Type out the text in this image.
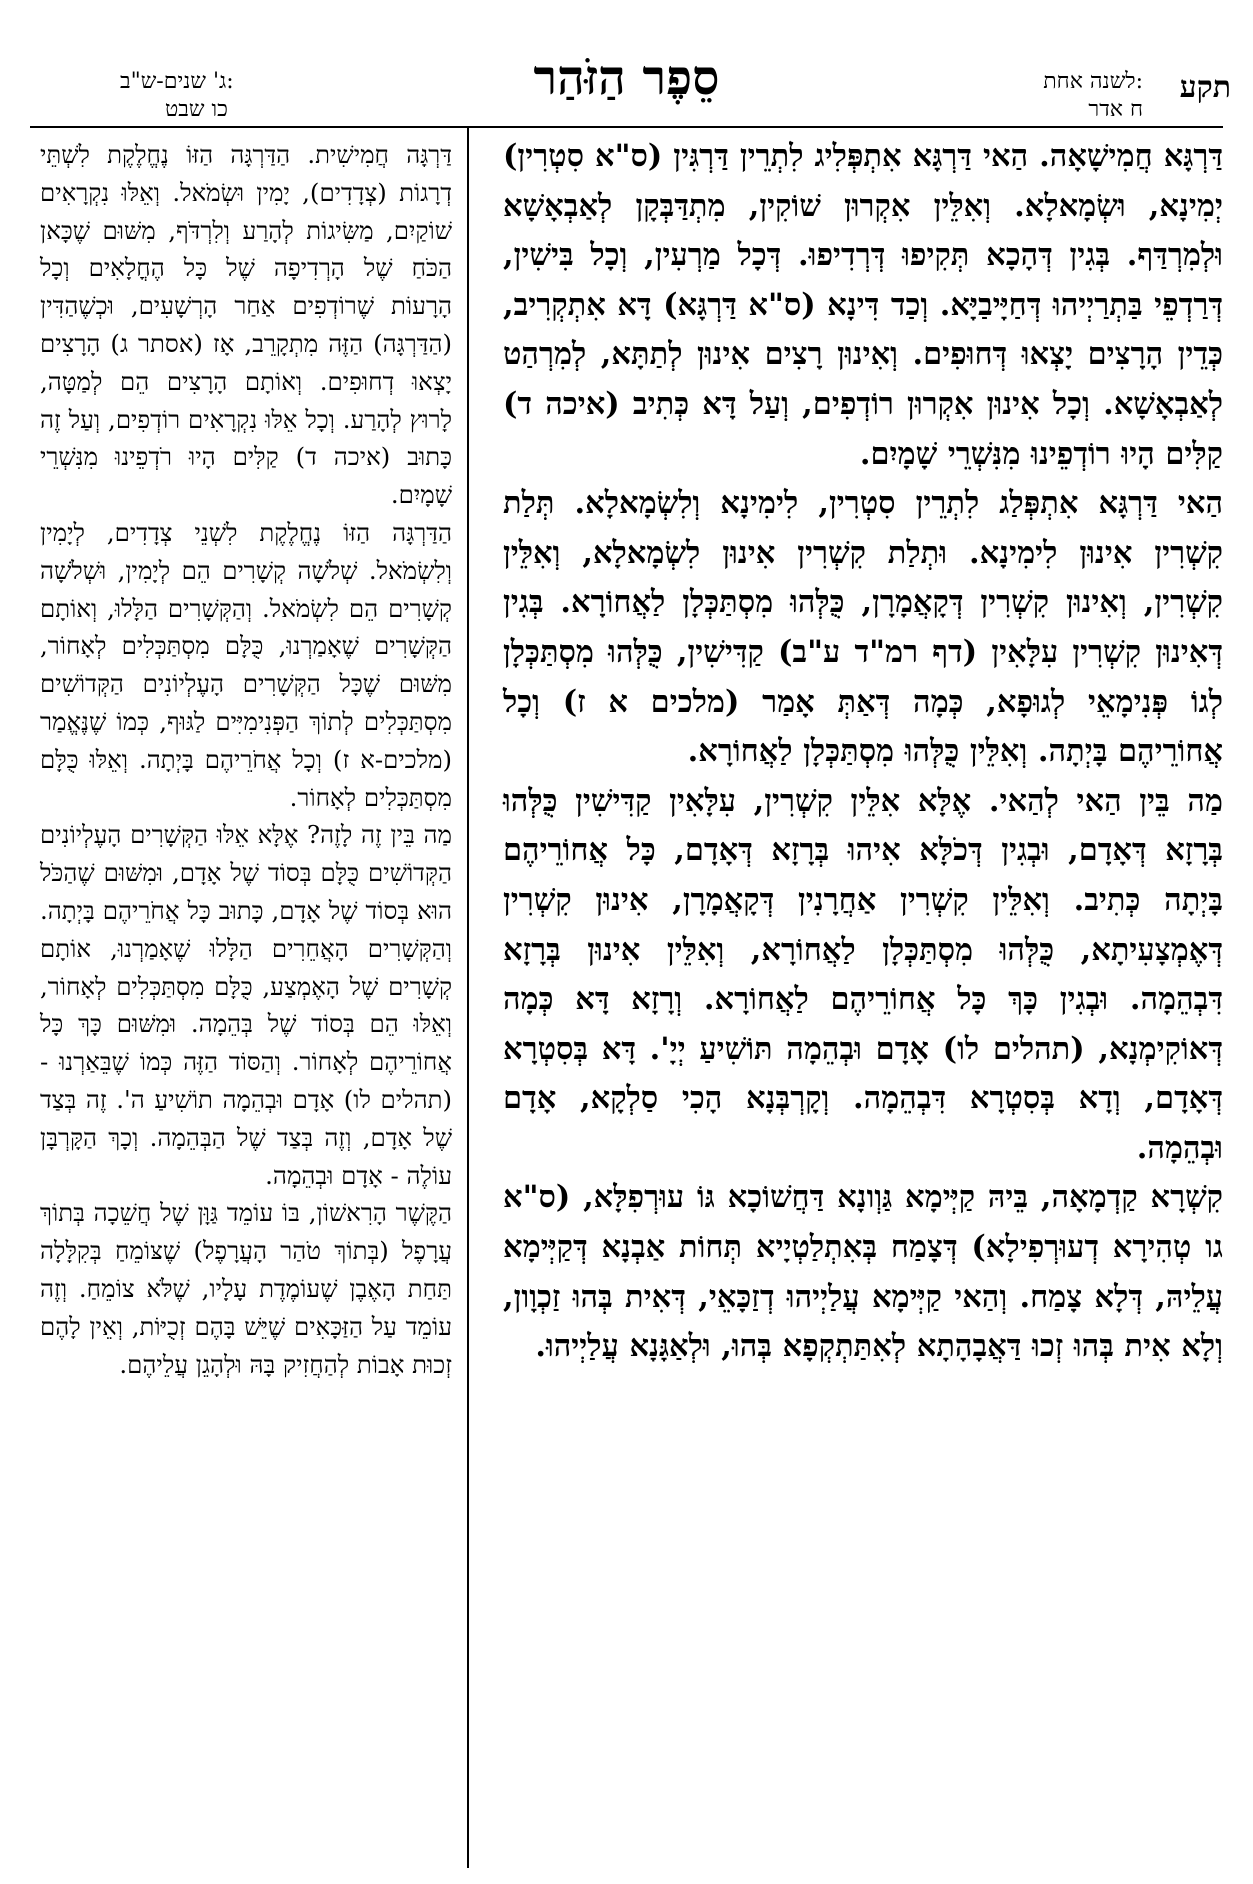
תקע
לשנה אחת:
ח אדר
סֵפֶר הַזֹּהַר
ג' שנים-ש"ב:
כו שבט

דַּרְגָּא חֲמִישָׁאָה. הַאי דַּרְגָּא אִתְפְּלִיג לִתְרֵין דַּרְגִּין (ס"א סִטְרִין) יְמִינָא, וּשְׂמָאלָא. וְאִלֵּין אִקְרוּן שׁוֹקִין, מִתְדַּבְּקָן לְאַבְאָשָׁא וּלְמִרְדַּף. בְּגִין דְּהָכָא תְּקִיפוּ דְּרְדִיפוּ. דְּכָל מַרְעִין, וְכָל בִּישִׁין, דְּרַדְפֵי בַּתְרַיְיהוּ דְּחַיָּיבַיָּא. וְכַד דִּינָא (ס"א דַּרְגָּא) דָּא אִתְקְרִיב, כְּדֵין הָרָצִים יָצְאוּ דְּחוּפִים. וְאִינוּן רָצִים אִינוּן לְתַתָּא, לְמִרְהַט לְאַבְאָשָׁא. וְכָל אִינוּן אִקְרוּן רוֹדְפִים, וְעַל דָּא כְּתִיב (איכה ד) קַלִּים הָיוּ רוֹדְפֵינוּ מִנִּשְׁרֵי שָׁמָיִם.

הַאי דַּרְגָּא אִתְפְּלַג לִתְרֵין סִטְרִין, לִימִינָא וְלִשְׂמָאלָא. תְּלַת קִשְׁרִין אִינוּן לִימִינָא. וּתְלַת קִשְׁרִין אִינוּן לִשְׂמָאלָא, וְאִלֵּין קִשְׁרִין, וְאִינוּן קִשְׁרִין דְּקָאֲמָרָן, כֻּלְּהוּ מִסְתַּכְּלָן לַאֲחוֹרָא. בְּגִין דְּאִינוּן קִשְׁרִין עִלָּאִין (דף רמ"ד ע"ב) קַדִּישִׁין, כֻּלְּהוּ מִסְתַּכְּלָן לְגוֹ פְּנִימָאֵי לְגוּפָא, כְּמָה דְּאַתְּ אָמַר (מלכים א ז) וְכָל אֲחוֹרֵיהֶם בָּיְתָה. וְאִלֵּין כֻּלְּהוּ מִסְתַּכְּלָן לַאֲחוֹרָא.

מַה בֵּין הַאי לְהַאי. אֶלָּא אִלֵּין קִשְׁרִין, עִלָּאִין קַדִּישִׁין כֻּלְּהוּ בְּרָזָא דְּאָדָם, וּבְגִין דְּכֹלָּא אִיהוּ בְּרָזָא דְּאָדָם, כָּל אֲחוֹרֵיהֶם בָּיְתָה כְּתִיב. וְאִלֵּין קִשְׁרִין אַחֲרָנִין דְּקָאֲמָרָן, אִינוּן קִשְׁרִין דְּאֶמְצָעִיתָא, כֻּלְּהוּ מִסְתַּכְּלָן לַאֲחוֹרָא, וְאִלֵּין אִינוּן בְּרָזָא דִּבְהֵמָה. וּבְגִין כָּךְ כָּל אֲחוֹרֵיהֶם לַאֲחוֹרָא. וְרָזָא דָּא כְּמָה דְּאוֹקִימְנָא, (תהלים לו) אָדָם וּבְהֵמָה תּוֹשִׁיעַ יְיָ'. דָּא בְּסִטְרָא דְּאָדָם, וְדָא בְּסִטְרָא דִּבְהֵמָה. וְקָרְבְּנָא הָכִי סַלְקָא, אָדָם וּבְהֵמָה.

קִשְׁרָא קַדְמָאָה, בֵּיהּ קַיְּימָא גַּוְונָא דַּחֲשׁוֹכָא גּוֹ עוּרְפִלָּא, (ס"א גו טְהִירָא דְעוּרְפִילָא) דְּצָמַח בְּאִתְלַטְיָיא תְּחוֹת אַבְנָא דְּקַיְּימָא עֲלֵיהּ, דְּלָא צָמַח. וְהַאי קַיְּימָא עֲלַיְיהוּ דְזַכָּאֵי, דְּאִית בְּהוּ זַכְוָון, וְלָא אִית בְּהוּ זְכוּ דַּאֲבָהָתָא לְאִתַּתְקְפָא בְּהוּ, וּלְאַגָּנָא עֲלַיְיהוּ.

דַּרְגָּה חֲמִישִׁית. הַדַּרְגָּה הַזּוֹ נֶחֱלֶקֶת לִשְׁתֵּי דְרָגוֹת (צְדָדִים), יָמִין וּשְׂמֹאל. וְאֵלּוּ נִקְרָאִים שׁוֹקַיִם, מַשִּׂיגוֹת לְהָרַע וְלִרְדֹּף, מִשּׁוּם שֶׁכָּאן הַכֹּחַ שֶׁל הָרְדִיפָה שֶׁל כָּל הֶחֳלָאִים וְכָל הָרָעוֹת שֶׁרוֹדְפִים אַחַר הָרְשָׁעִים, וּכְשֶׁהַדִּין (הַדַּרְגָּה) הַזֶּה מִתְקָרֵב, אָז (אסתר ג) הָרָצִים יָצְאוּ דְחוּפִים. וְאוֹתָם הָרָצִים הֵם לְמַטָּה, לָרוּץ לְהָרַע. וְכָל אֵלּוּ נִקְרָאִים רוֹדְפִים, וְעַל זֶה כָּתוּב (איכה ד) קַלִּים הָיוּ רֹדְפֵינוּ מִנִּשְׁרֵי שָׁמָיִם.

הַדַּרְגָּה הַזּוֹ נֶחֱלֶקֶת לִשְׁנֵי צְדָדִים, לְיָמִין וְלִשְׂמֹאל. שְׁלֹשָׁה קְשָׁרִים הֵם לְיָמִין, וּשְׁלֹשָׁה קְשָׁרִים הֵם לִשְׂמֹאל. וְהַקְּשָׁרִים הַלָּלוּ, וְאוֹתָם הַקְּשָׁרִים שֶׁאָמַרְנוּ, כֻּלָּם מִסְתַּכְּלִים לְאָחוֹר, מִשּׁוּם שֶׁכָּל הַקְּשָׁרִים הָעֶלְיוֹנִים הַקְּדוֹשִׁים מִסְתַּכְּלִים לְתוֹךְ הַפְּנִימִיִּים לַגּוּף, כְּמוֹ שֶׁנֶּאֱמַר (מלכים-א ז) וְכָל אֲחֹרֵיהֶם בָּיְתָה. וְאֵלּוּ כֻּלָּם מִסְתַּכְּלִים לְאָחוֹר.

מַה בֵּין זֶה לָזֶה? אֶלָּא אֵלּוּ הַקְּשָׁרִים הָעֶלְיוֹנִים הַקְּדוֹשִׁים כֻּלָּם בְּסוֹד שֶׁל אָדָם, וּמִשּׁוּם שֶׁהַכֹּל הוּא בְּסוֹד שֶׁל אָדָם, כָּתוּב כָּל אֲחֹרֵיהֶם בָּיְתָה. וְהַקְּשָׁרִים הָאֲחֵרִים הַלָּלוּ שֶׁאָמַרְנוּ, אוֹתָם קְשָׁרִים שֶׁל הָאֶמְצַע, כֻּלָּם מִסְתַּכְּלִים לְאָחוֹר, וְאֵלּוּ הֵם בְּסוֹד שֶׁל בְּהֵמָה. וּמִשּׁוּם כָּךְ כָּל אֲחוֹרֵיהֶם לְאָחוֹר. וְהַסּוֹד הַזֶּה כְּמוֹ שֶׁבֵּאַרְנוּ - (תהלים לו) אָדָם וּבְהֵמָה תוֹשִׁיעַ ה'. זֶה בְּצַד שֶׁל אָדָם, וְזֶה בְּצַד שֶׁל הַבְּהֵמָה. וְכָךְ הַקָּרְבָּן עוֹלֶה - אָדָם וּבְהֵמָה.

הַקֶּשֶׁר הָרִאשׁוֹן, בּוֹ עוֹמֵד גַּוָּן שֶׁל חֲשֵׁכָה בְּתוֹךְ עֲרָפֶל (בְּתוֹךְ טֹהַר הָעֲרָפֶל) שֶׁצּוֹמֵחַ בְּקִלָּלָה תַּחַת הָאֶבֶן שֶׁעוֹמֶדֶת עָלָיו, שֶׁלֹּא צוֹמֵחַ. וְזֶה עוֹמֵד עַל הַזַּכָּאִים שֶׁיֵּשׁ בָּהֶם זְכֻיּוֹת, וְאֵין לָהֶם זְכוּת אָבוֹת לְהַחֲזִיק בָּהּ וּלְהָגֵן עֲלֵיהֶם.
